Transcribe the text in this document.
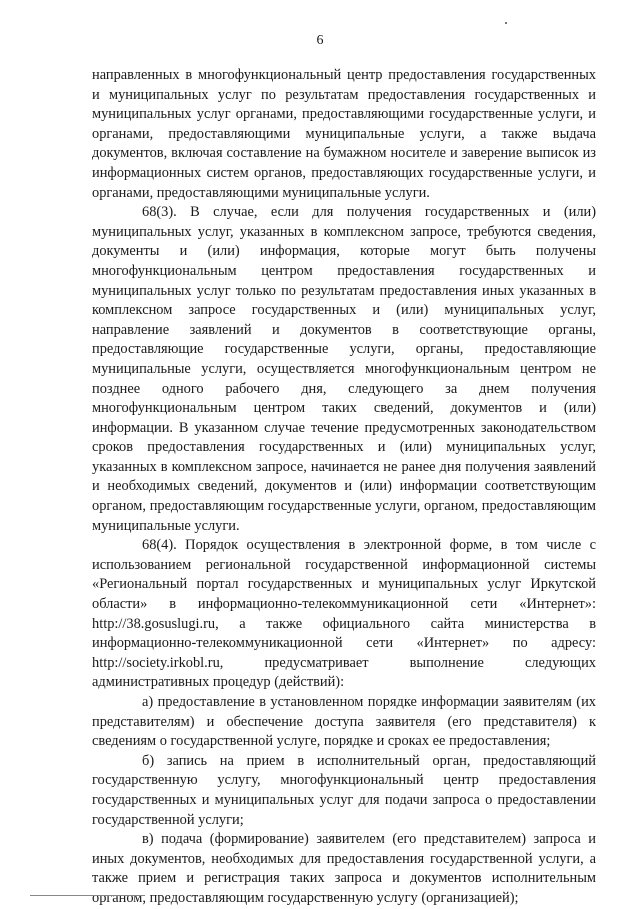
6

направленных в многофункциональный центр предоставления государственных и муниципальных услуг по результатам предоставления государственных и муниципальных услуг органами, предоставляющими государственные услуги, и органами, предоставляющими муниципальные услуги, а также выдача документов, включая составление на бумажном носителе и заверение выписок из информационных систем органов, предоставляющих государственные услуги, и органами, предоставляющими муниципальные услуги.

68(3). В случае, если для получения государственных и (или) муниципальных услуг, указанных в комплексном запросе, требуются сведения, документы и (или) информация, которые могут быть получены многофункциональным центром предоставления государственных и муниципальных услуг только по результатам предоставления иных указанных в комплексном запросе государственных и (или) муниципальных услуг, направление заявлений и документов в соответствующие органы, предоставляющие государственные услуги, органы, предоставляющие муниципальные услуги, осуществляется многофункциональным центром не позднее одного рабочего дня, следующего за днем получения многофункциональным центром таких сведений, документов и (или) информации. В указанном случае течение предусмотренных законодательством сроков предоставления государственных и (или) муниципальных услуг, указанных в комплексном запросе, начинается не ранее дня получения заявлений и необходимых сведений, документов и (или) информации соответствующим органом, предоставляющим государственные услуги, органом, предоставляющим муниципальные услуги.

68(4). Порядок осуществления в электронной форме, в том числе с использованием региональной государственной информационной системы «Региональный портал государственных и муниципальных услуг Иркутской области» в информационно-телекоммуникационной сети «Интернет»: http://38.gosuslugi.ru, а также официального сайта министерства в информационно-телекоммуникационной сети «Интернет» по адресу: http://society.irkobl.ru, предусматривает выполнение следующих административных процедур (действий):

а) предоставление в установленном порядке информации заявителям (их представителям) и обеспечение доступа заявителя (его представителя) к сведениям о государственной услуге, порядке и сроках ее предоставления;

б) запись на прием в исполнительный орган, предоставляющий государственную услугу, многофункциональный центр предоставления государственных и муниципальных услуг для подачи запроса о предоставлении государственной услуги;

в) подача (формирование) заявителем (его представителем) запроса и иных документов, необходимых для предоставления государственной услуги, а также прием и регистрация таких запроса и документов исполнительным органом, предоставляющим государственную услугу (организацией);
